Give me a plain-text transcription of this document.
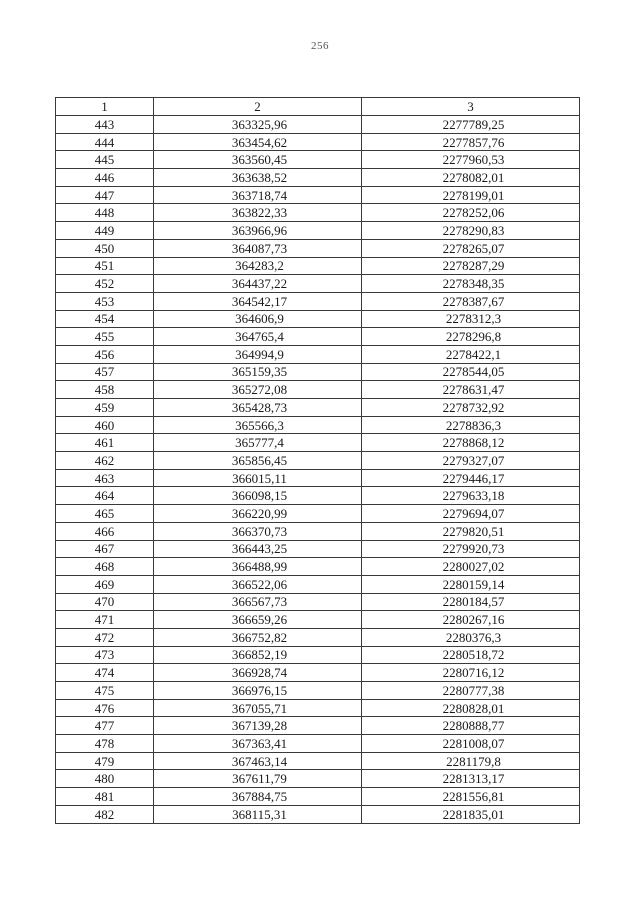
256
1	2	3
443	363325,96	2277789,25
444	363454,62	2277857,76
445	363560,45	2277960,53
446	363638,52	2278082,01
447	363718,74	2278199,01
448	363822,33	2278252,06
449	363966,96	2278290,83
450	364087,73	2278265,07
451	364283,2	2278287,29
452	364437,22	2278348,35
453	364542,17	2278387,67
454	364606,9	2278312,3
455	364765,4	2278296,8
456	364994,9	2278422,1
457	365159,35	2278544,05
458	365272,08	2278631,47
459	365428,73	2278732,92
460	365566,3	2278836,3
461	365777,4	2278868,12
462	365856,45	2279327,07
463	366015,11	2279446,17
464	366098,15	2279633,18
465	366220,99	2279694,07
466	366370,73	2279820,51
467	366443,25	2279920,73
468	366488,99	2280027,02
469	366522,06	2280159,14
470	366567,73	2280184,57
471	366659,26	2280267,16
472	366752,82	2280376,3
473	366852,19	2280518,72
474	366928,74	2280716,12
475	366976,15	2280777,38
476	367055,71	2280828,01
477	367139,28	2280888,77
478	367363,41	2281008,07
479	367463,14	2281179,8
480	367611,79	2281313,17
481	367884,75	2281556,81
482	368115,31	2281835,01
